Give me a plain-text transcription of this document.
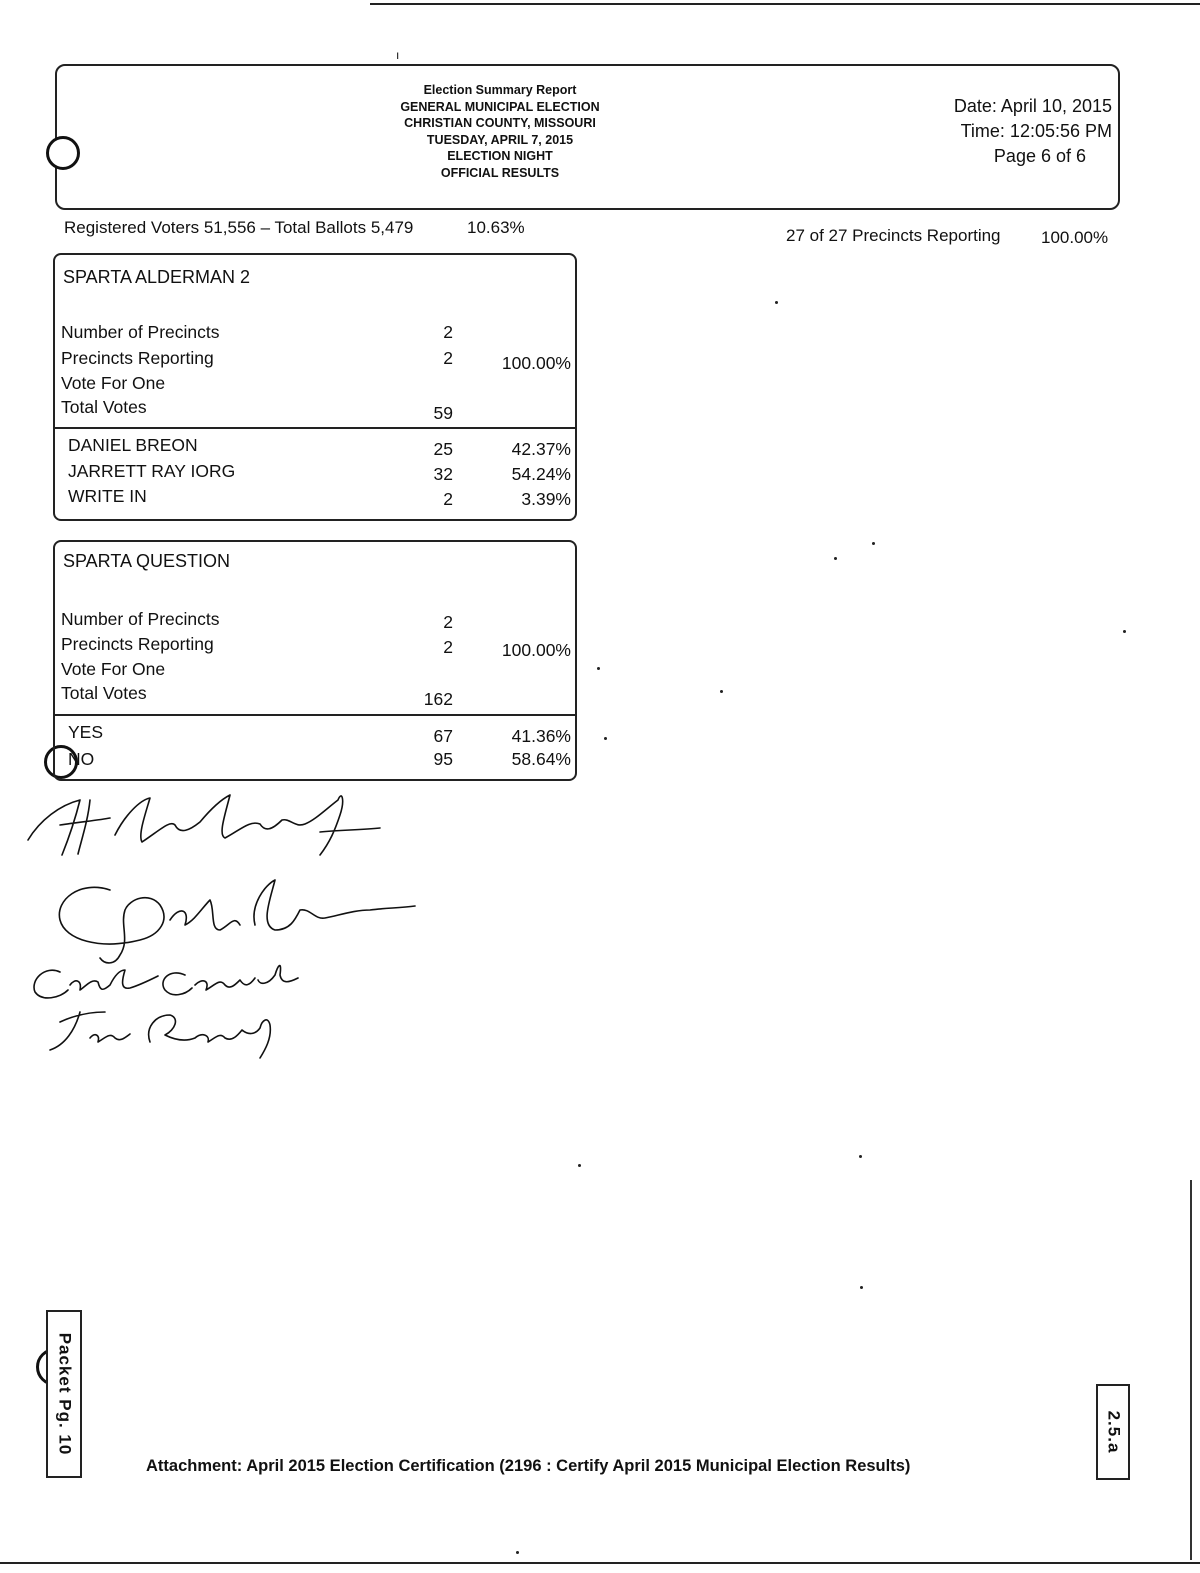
ı
Election Summary Report
GENERAL MUNICIPAL ELECTION
CHRISTIAN COUNTY, MISSOURI
TUESDAY, APRIL 7, 2015
ELECTION NIGHT
OFFICIAL RESULTS
Date: April 10, 2015
Time: 12:05:56 PM
Page 6 of 6
Registered Voters 51,556 – Total Ballots 5,479	10.63%	27 of 27 Precincts Reporting 100.00%
SPARTA ALDERMAN 2
Number of Precincts	2
Precincts Reporting	2	100.00%
Vote For One
Total Votes	59
DANIEL BREON	25	42.37%
JARRETT RAY IORG	32	54.24%
WRITE IN	2	3.39%
SPARTA QUESTION
Number of Precincts	2
Precincts Reporting	2	100.00%
Vote For One
Total Votes	162
YES	67	41.36%
NO	95	58.64%
Packet Pg. 10	2.5.a
Attachment: April 2015 Election Certification (2196 : Certify April 2015 Municipal Election Results)
